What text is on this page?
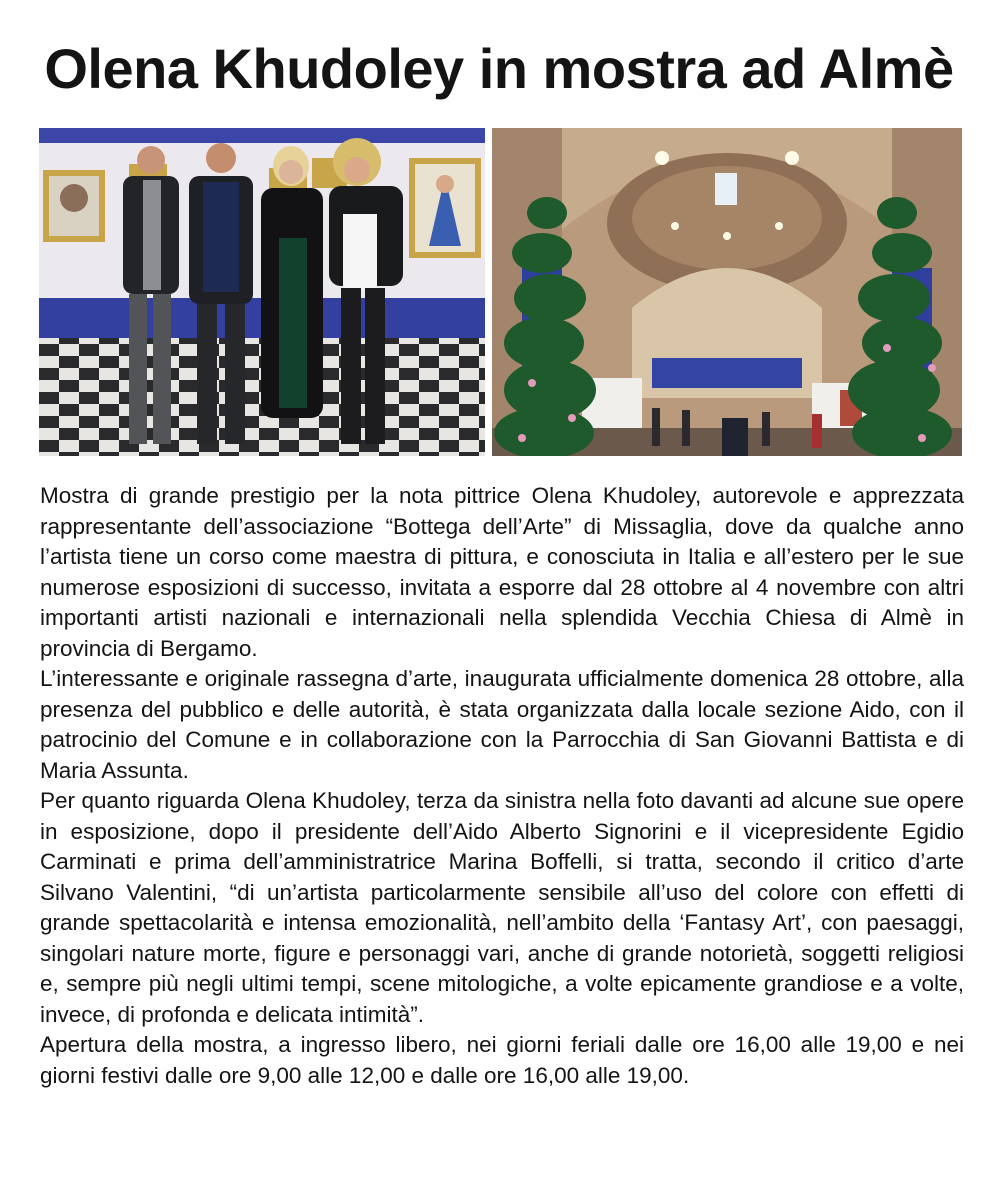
Olena Khudoley in mostra ad Almè

Mostra di grande prestigio per la nota pittrice Olena Khudoley, autorevole e apprezzata rappresentante dell’associazione “Bottega dell’Arte” di Missaglia, dove da qualche anno l’artista tiene un corso come maestra di pittura, e conosciuta in Italia e all’estero per le sue numerose esposizioni di successo, invitata a esporre dal 28 ottobre al 4 novembre con altri importanti artisti nazionali e internazionali nella splendida Vecchia Chiesa di Almè in provincia di Bergamo.

L’interessante e originale rassegna d’arte, inaugurata ufficialmente domenica 28 ottobre, alla presenza del pubblico e delle autorità, è stata organizzata dalla locale sezione Aido, con il patrocinio del Comune e in collaborazione con la Parrocchia di San Giovanni Battista e di Maria Assunta.

Per quanto riguarda Olena Khudoley, terza da sinistra nella foto davanti ad alcune sue opere in esposizione, dopo il presidente dell’Aido Alberto Signorini e il vicepresidente Egidio Carminati e prima dell’amministratrice Marina Boffelli, si tratta, secondo il critico d’arte Silvano Valentini, “di un’artista particolarmente sensibile all’uso del colore con effetti di grande spettacolarità e intensa emozionalità, nell’ambito della ‘Fantasy Art’, con paesaggi, singolari nature morte, figure e personaggi vari, anche di grande notorietà, soggetti religiosi e, sempre più negli ultimi tempi, scene mitologiche, a volte epicamente grandiose e a volte, invece, di profonda e delicata intimità”.

Apertura della mostra, a ingresso libero, nei giorni feriali dalle ore 16,00 alle 19,00 e nei giorni festivi dalle ore 9,00 alle 12,00 e dalle ore 16,00 alle 19,00.
